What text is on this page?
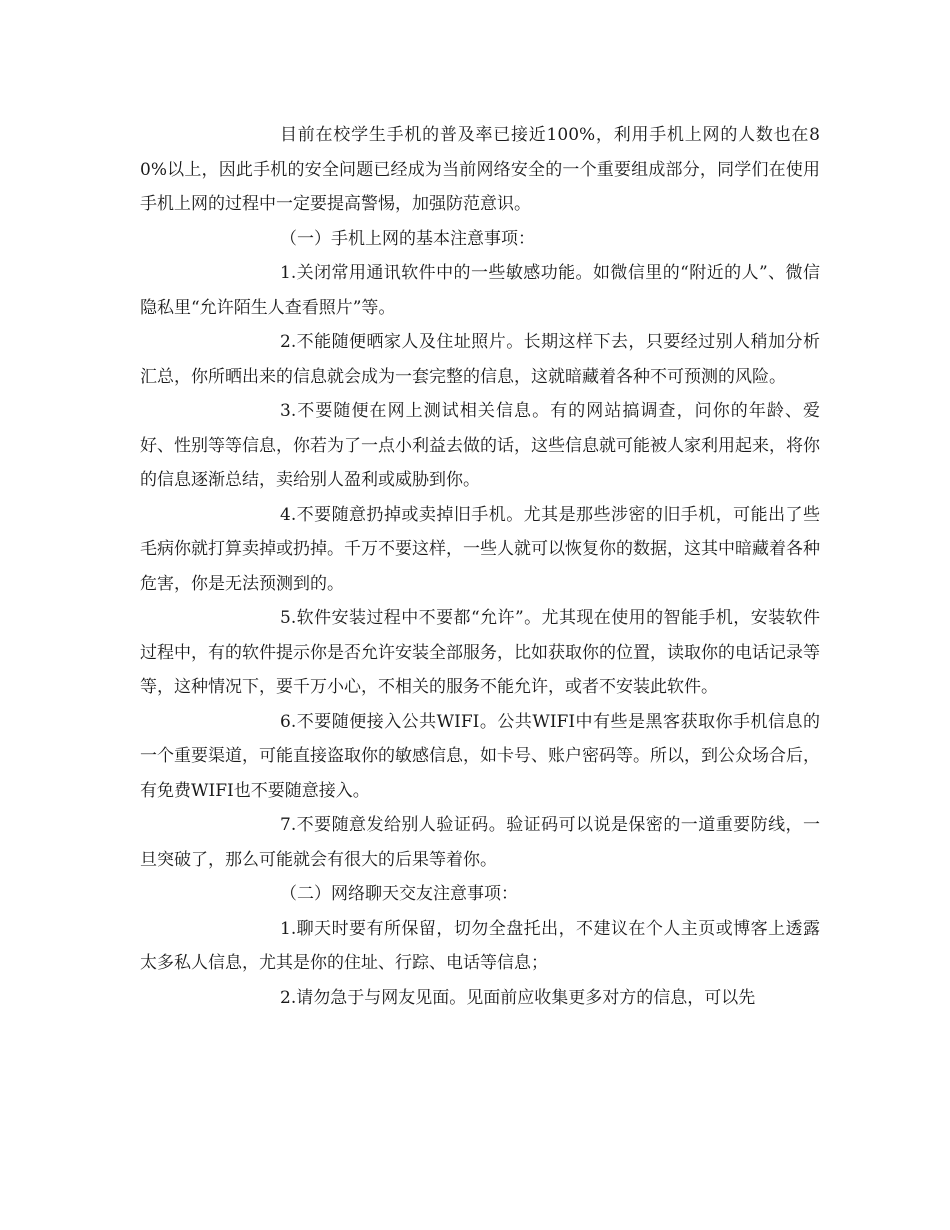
目前在校学生手机的普及率已接近100%，利用手机上网的人数也在80%以上，因此手机的安全问题已经成为当前网络安全的一个重要组成部分，同学们在使用手机上网的过程中一定要提高警惕，加强防范意识。

（一）手机上网的基本注意事项：

1.关闭常用通讯软件中的一些敏感功能。如微信里的“附近的人”、微信隐私里“允许陌生人查看照片”等。

2.不能随便晒家人及住址照片。长期这样下去，只要经过别人稍加分析汇总，你所晒出来的信息就会成为一套完整的信息，这就暗藏着各种不可预测的风险。

3.不要随便在网上测试相关信息。有的网站搞调查，问你的年龄、爱好、性别等等信息，你若为了一点小利益去做的话，这些信息就可能被人家利用起来，将你的信息逐渐总结，卖给别人盈利或威胁到你。

4.不要随意扔掉或卖掉旧手机。尤其是那些涉密的旧手机，可能出了些毛病你就打算卖掉或扔掉。千万不要这样，一些人就可以恢复你的数据，这其中暗藏着各种危害，你是无法预测到的。

5.软件安装过程中不要都“允许”。尤其现在使用的智能手机，安装软件过程中，有的软件提示你是否允许安装全部服务，比如获取你的位置，读取你的电话记录等等，这种情况下，要千万小心，不相关的服务不能允许，或者不安装此软件。

6.不要随便接入公共WIFI。公共WIFI中有些是黑客获取你手机信息的一个重要渠道，可能直接盗取你的敏感信息，如卡号、账户密码等。所以，到公众场合后，有免费WIFI也不要随意接入。

7.不要随意发给别人验证码。验证码可以说是保密的一道重要防线，一旦突破了，那么可能就会有很大的后果等着你。

（二）网络聊天交友注意事项：

1.聊天时要有所保留，切勿全盘托出，不建议在个人主页或博客上透露太多私人信息，尤其是你的住址、行踪、电话等信息；

2.请勿急于与网友见面。见面前应收集更多对方的信息，可以先
